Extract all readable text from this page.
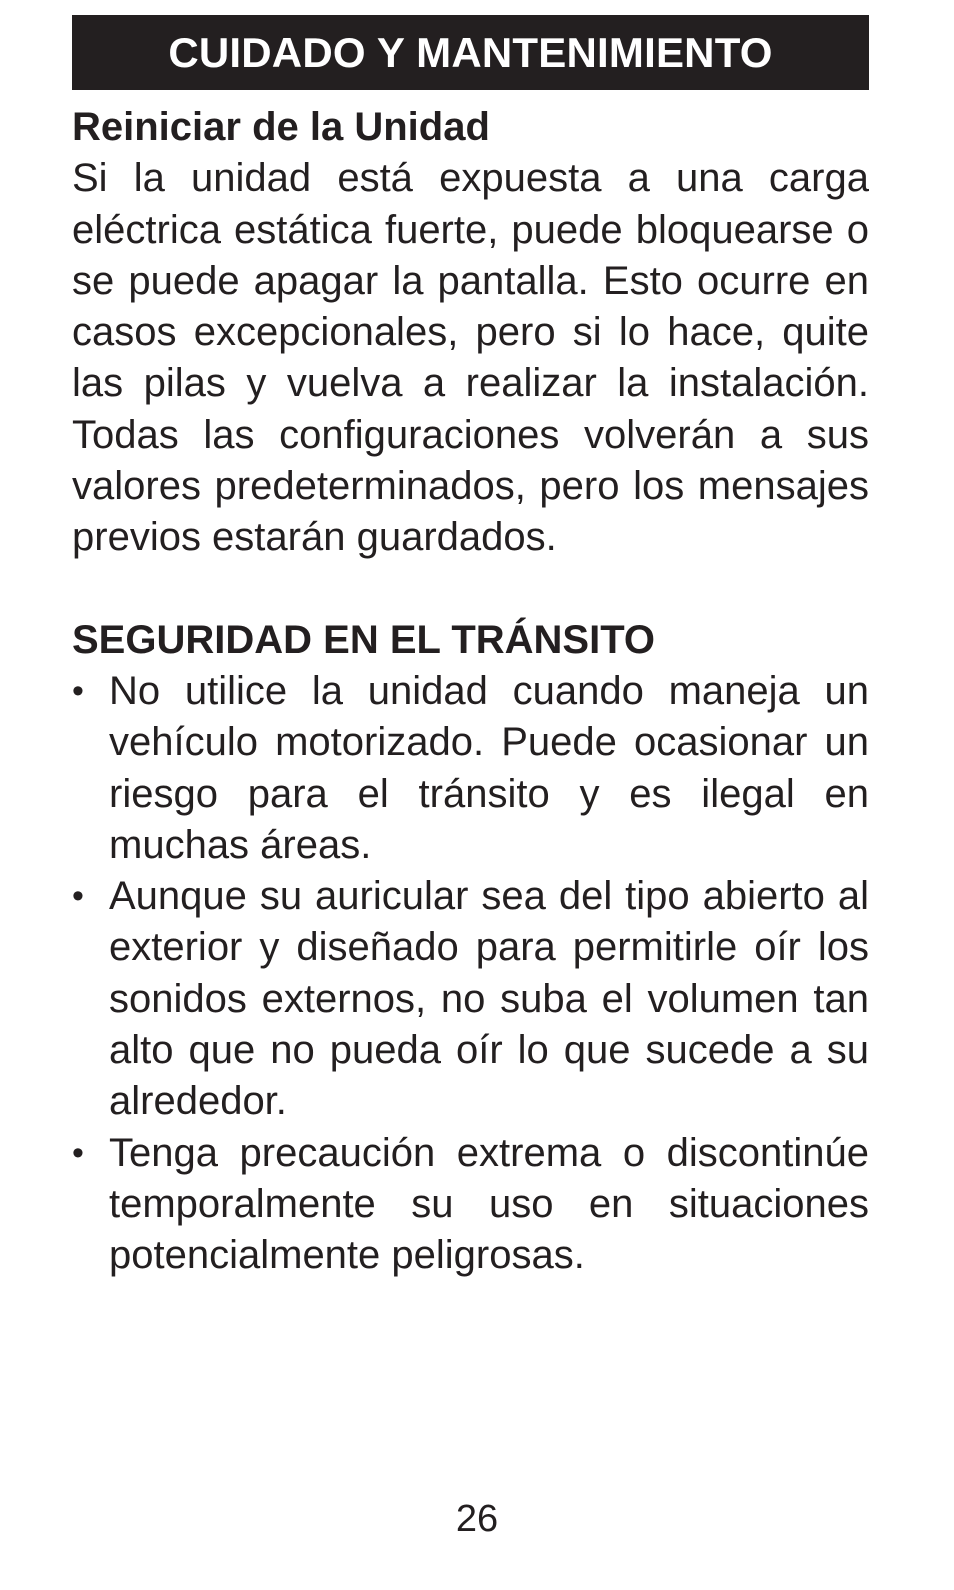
CUIDADO Y MANTENIMIENTO
Reiniciar de la Unidad
Si la unidad está expuesta a una carga eléctrica estática fuerte, puede bloquearse o se puede apagar la pantalla. Esto ocurre en casos excepcionales, pero si lo hace, quite las pilas y vuelva a realizar la instalación. Todas las configuraciones volverán a sus valores predeterminados, pero los mensajes previos estarán guardados.
SEGURIDAD EN EL TRÁNSITO
• No utilice la unidad cuando maneja un vehículo motorizado. Puede ocasionar un riesgo para el tránsito y es ilegal en muchas áreas.
• Aunque su auricular sea del tipo abierto al exterior y diseñado para permitirle oír los sonidos externos, no suba el volumen tan alto que no pueda oír lo que sucede a su alrededor.
• Tenga precaución extrema o discontinúe temporalmente su uso en situaciones potencialmente peligrosas.
26
